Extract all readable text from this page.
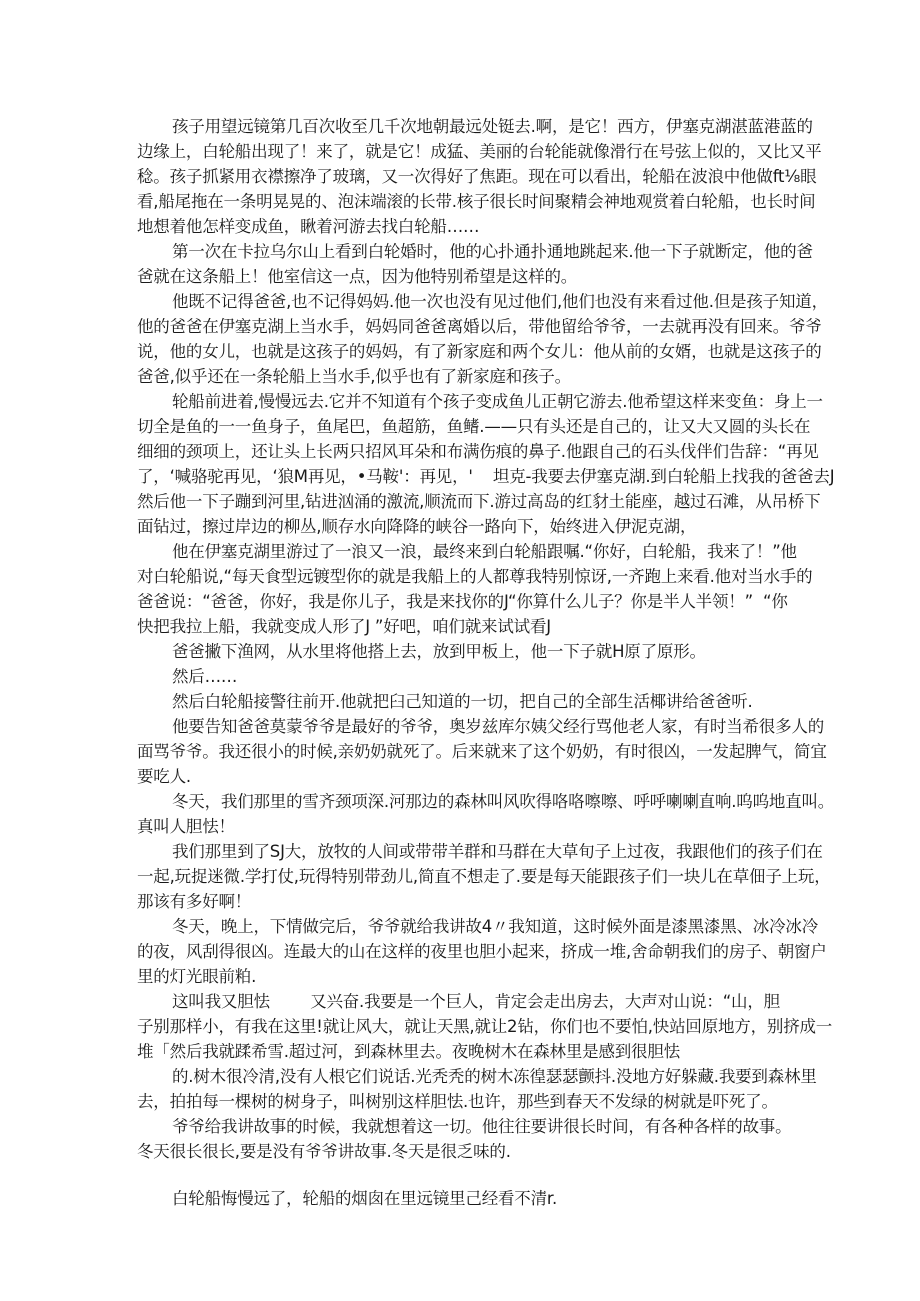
孩子用望远镜第几百次收至几千次地朝最远处铤去.啊，是它！西方，伊塞克湖湛蓝港蓝的

边缘上，白轮船出现了！来了，就是它！成猛、美丽的台轮能就像滑行在号弦上似的，又比又平

稔。孩子抓紧用衣襟擦净了玻璃，又一次得好了焦距。现在可以看出，轮船在波浪中他做ft⅛眼

看,船尾拖在一条明晃晃的、泡沫端滚的长带.核子很长时间聚精会神地观赏着白轮船，也长时间

地想着他怎样变成鱼，瞅着河游去找白轮船……

第一次在卡拉乌尔山上看到白轮婚时，他的心扑通扑通地跳起来.他一下子就断定，他的爸

爸就在这条船上！他室信这一点，因为他特别希望是这样的。

他既不记得爸爸,也不记得妈妈.他一次也没有见过他们,他们也没有来看过他.但是孩子知道，

他的爸爸在伊塞克湖上当水手，妈妈同爸爸离婚以后，带他留给爷爷，一去就再没有回来。爷爷

说，他的女儿，也就是这孩子的妈妈，有了新家庭和两个女儿：他从前的女婿，也就是这孩子的

爸爸,似乎还在一条轮船上当水手,似乎也有了新家庭和孩子。

轮船前进着,慢慢远去.它并不知道有个孩子变成鱼儿正朝它游去.他希望这样来变鱼：身上一

切全是鱼的一一鱼身子，鱼尾巴，鱼超筋，鱼鳍.——只有头还是自己的，让又大又圆的头长在

细细的颈项上，还让头上长两只招风耳朵和布满伤痕的鼻子.他跟自己的石头伐伴们告辞：“再见

了，‘喊骆驼再见，‘狼M再见，•马鞍'：再见，'    坦克-我要去伊塞克湖.到白轮船上找我的爸爸去J

然后他一下子蹦到河里,钻进汹涌的激流,顺流而下.游过高岛的红豺土能座，越过石滩，从吊桥下

面钻过，擦过岸边的柳丛,顺存水向降降的峡谷一路向下，始终进入伊泥克湖，

他在伊塞克湖里游过了一浪又一浪，最终来到白轮船跟嘱.“你好，白轮船，我来了！”他

对白轮船说,“每天食型远镀型你的就是我船上的人都尊我特别惊讶,一齐跑上来看.他对当水手的

爸爸说：“爸爸，你好，我是你儿子，我是来找你的J“你算什么儿子？你是半人半领！”  “你

快把我拉上船，我就变成人形了J ”好吧，咱们就来试试看J

爸爸撇下渔网，从水里将他搭上去，放到甲板上，他一下子就H原了原形。

然后……

然后白轮船接警往前开.他就把臼己知道的一切，把自己的全部生活椰讲给爸爸听.

他要告知爸爸莫蒙爷爷是最好的爷爷，奥岁兹库尔姨父经行骂他老人家，有时当希很多人的

面骂爷爷。我还很小的时候,亲奶奶就死了。后来就来了这个奶奶，有时很凶，一发起脾气，简宜

要吃人.

冬天，我们那里的雪齐颈项深.河那边的森林叫风吹得咯咯嚓嚓、呼呼喇喇直响.呜呜地直叫。

真叫人胆怯！

我们那里到了SJ大，放牧的人间或带带羊群和马群在大草旬子上过夜，我跟他们的孩子们在

一起,玩捉迷微.学打仗,玩得特别带劲儿,简直不想走了.要是每天能跟孩子们一块儿在草佃子上玩，

那该有多好啊！

冬天，晚上，下情做完后，爷爷就给我讲故4〃我知道，这时候外面是漆黑漆黑、冰冷冰冷

的夜，风刮得很凶。连最大的山在这样的夜里也胆小起来，挤成一堆,舍命朝我们的房子、朝窗户

里的灯光眼前粕.

这叫我又胆怯        又兴奋.我要是一个巨人，肯定会走出房去，大声对山说：“山，胆

子别那样小，有我在这里!就让风大，就让天黑,就让2钻，你们也不要怕,快站回原地方，别挤成一

堆「然后我就蹂希雪.超过河，到森林里去。夜晚树木在森林里是感到很胆怯

的.树木很冷清,没有人根它们说话.光秃秃的树木冻徨瑟瑟颤抖.没地方好躲藏.我要到森林里

去，拍拍每一棵树的树身子，叫树别这样胆怯.也许，那些到春天不发绿的树就是吓死了。

爷爷给我讲故事的时候，我就想着这一切。他往往要讲很长时间，有各种各样的故事。

冬天很长很长,要是没有爷爷讲故事.冬天是很乏味的.

白轮船悔慢远了，轮船的烟囱在里远镜里己经看不清r.
